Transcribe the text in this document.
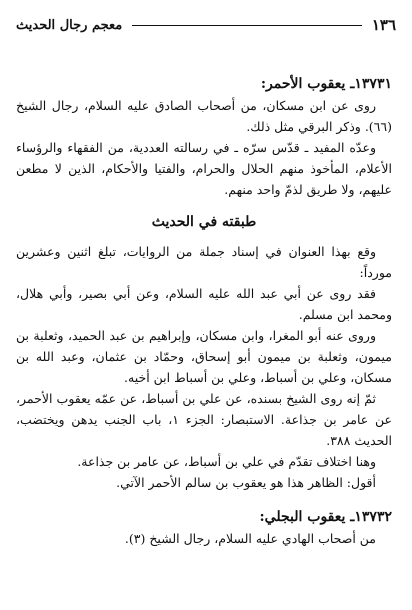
١٣٦
معجم رجال الحديث

١٣٧٣١ـ يعقوب الأحمر:

روى عن ابن مسكان، من أصحاب الصادق عليه السلام، رجال الشيخ (٦٦). وذكر البرقي مثل ذلك.

وعدّه المفيد ـ قدّس سرّه ـ في رسالته العددية، من الفقهاء والرؤساء الأعلام، المأخوذ منهم الحلال والحرام، والفتيا والأحكام، الذين لا مطعن عليهم، ولا طريق لذمّ واحد منهم.

طبقته في الحديث

وقع بهذا العنوان في إسناد جملة من الروايات، تبلغ اثنين وعشرين مورداً:

فقد روى عن أبي عبد الله عليه السلام، وعن أبي بصير، وأبي هلال، ومحمد ابن مسلم.

وروى عنه أبو المغرا، وابن مسكان، وإبراهيم بن عبد الحميد، وثعلبة بن ميمون، وثعلبة بن ميمون أبو إسحاق، وحمّاد بن عثمان، وعبد الله بن مسكان، وعلي بن أسباط، وعلي بن أسباط ابن أخيه.

ثمّ إنه روى الشيخ بسنده، عن علي بن أسباط، عن عمّه يعقوب الأحمر، عن عامر بن جذاعة. الاستبصار: الجزء ١، باب الجنب يدهن ويختضب، الحديث ٣٨٨.

وهنا اختلاف تقدّم في علي بن أسباط، عن عامر بن جذاعة.

أقول: الظاهر هذا هو يعقوب بن سالم الأحمر الآتي.

١٣٧٣٢ـ يعقوب البجلي:

من أصحاب الهادي عليه السلام، رجال الشيخ (٣).
